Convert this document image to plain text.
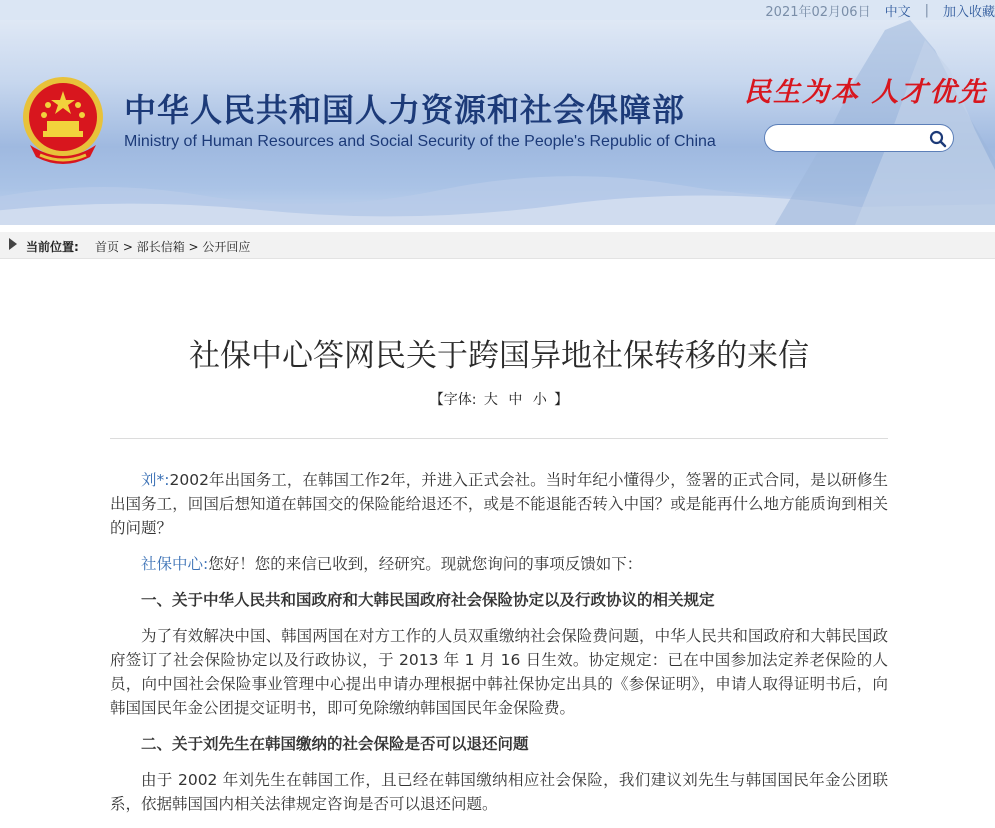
2021年02月06日 中文 | 加入收藏
中华人民共和国人力资源和社会保障部
Ministry of Human Resources and Social Security of the People's Republic of China
民生为本 人才优先
当前位置: 首页 > 部长信箱 > 公开回应
社保中心答网民关于跨国异地社保转移的来信
【字体: 大 中 小 】

刘*:2002年出国务工，在韩国工作2年，并进入正式会社。当时年纪小懂得少，签署的正式合同，是以研修生出国务工，回国后想知道在韩国交的保险能给退还不，或是不能退能否转入中国？或是能再什么地方能质询到相关的问题？

社保中心:您好！您的来信已收到，经研究。现就您询问的事项反馈如下：

一、关于中华人民共和国政府和大韩民国政府社会保险协定以及行政协议的相关规定

为了有效解决中国、韩国两国在对方工作的人员双重缴纳社会保险费问题，中华人民共和国政府和大韩民国政府签订了社会保险协定以及行政协议，于 2013 年 1 月 16 日生效。协定规定：已在中国参加法定养老保险的人员，向中国社会保险事业管理中心提出申请办理根据中韩社保协定出具的《参保证明》，申请人取得证明书后，向韩国国民年金公团提交证明书，即可免除缴纳韩国国民年金保险费。

二、关于刘先生在韩国缴纳的社会保险是否可以退还问题

由于 2002 年刘先生在韩国工作，且已经在韩国缴纳相应社会保险，我们建议刘先生与韩国国民年金公团联系，依据韩国国内相关法律规定咨询是否可以退还问题。
